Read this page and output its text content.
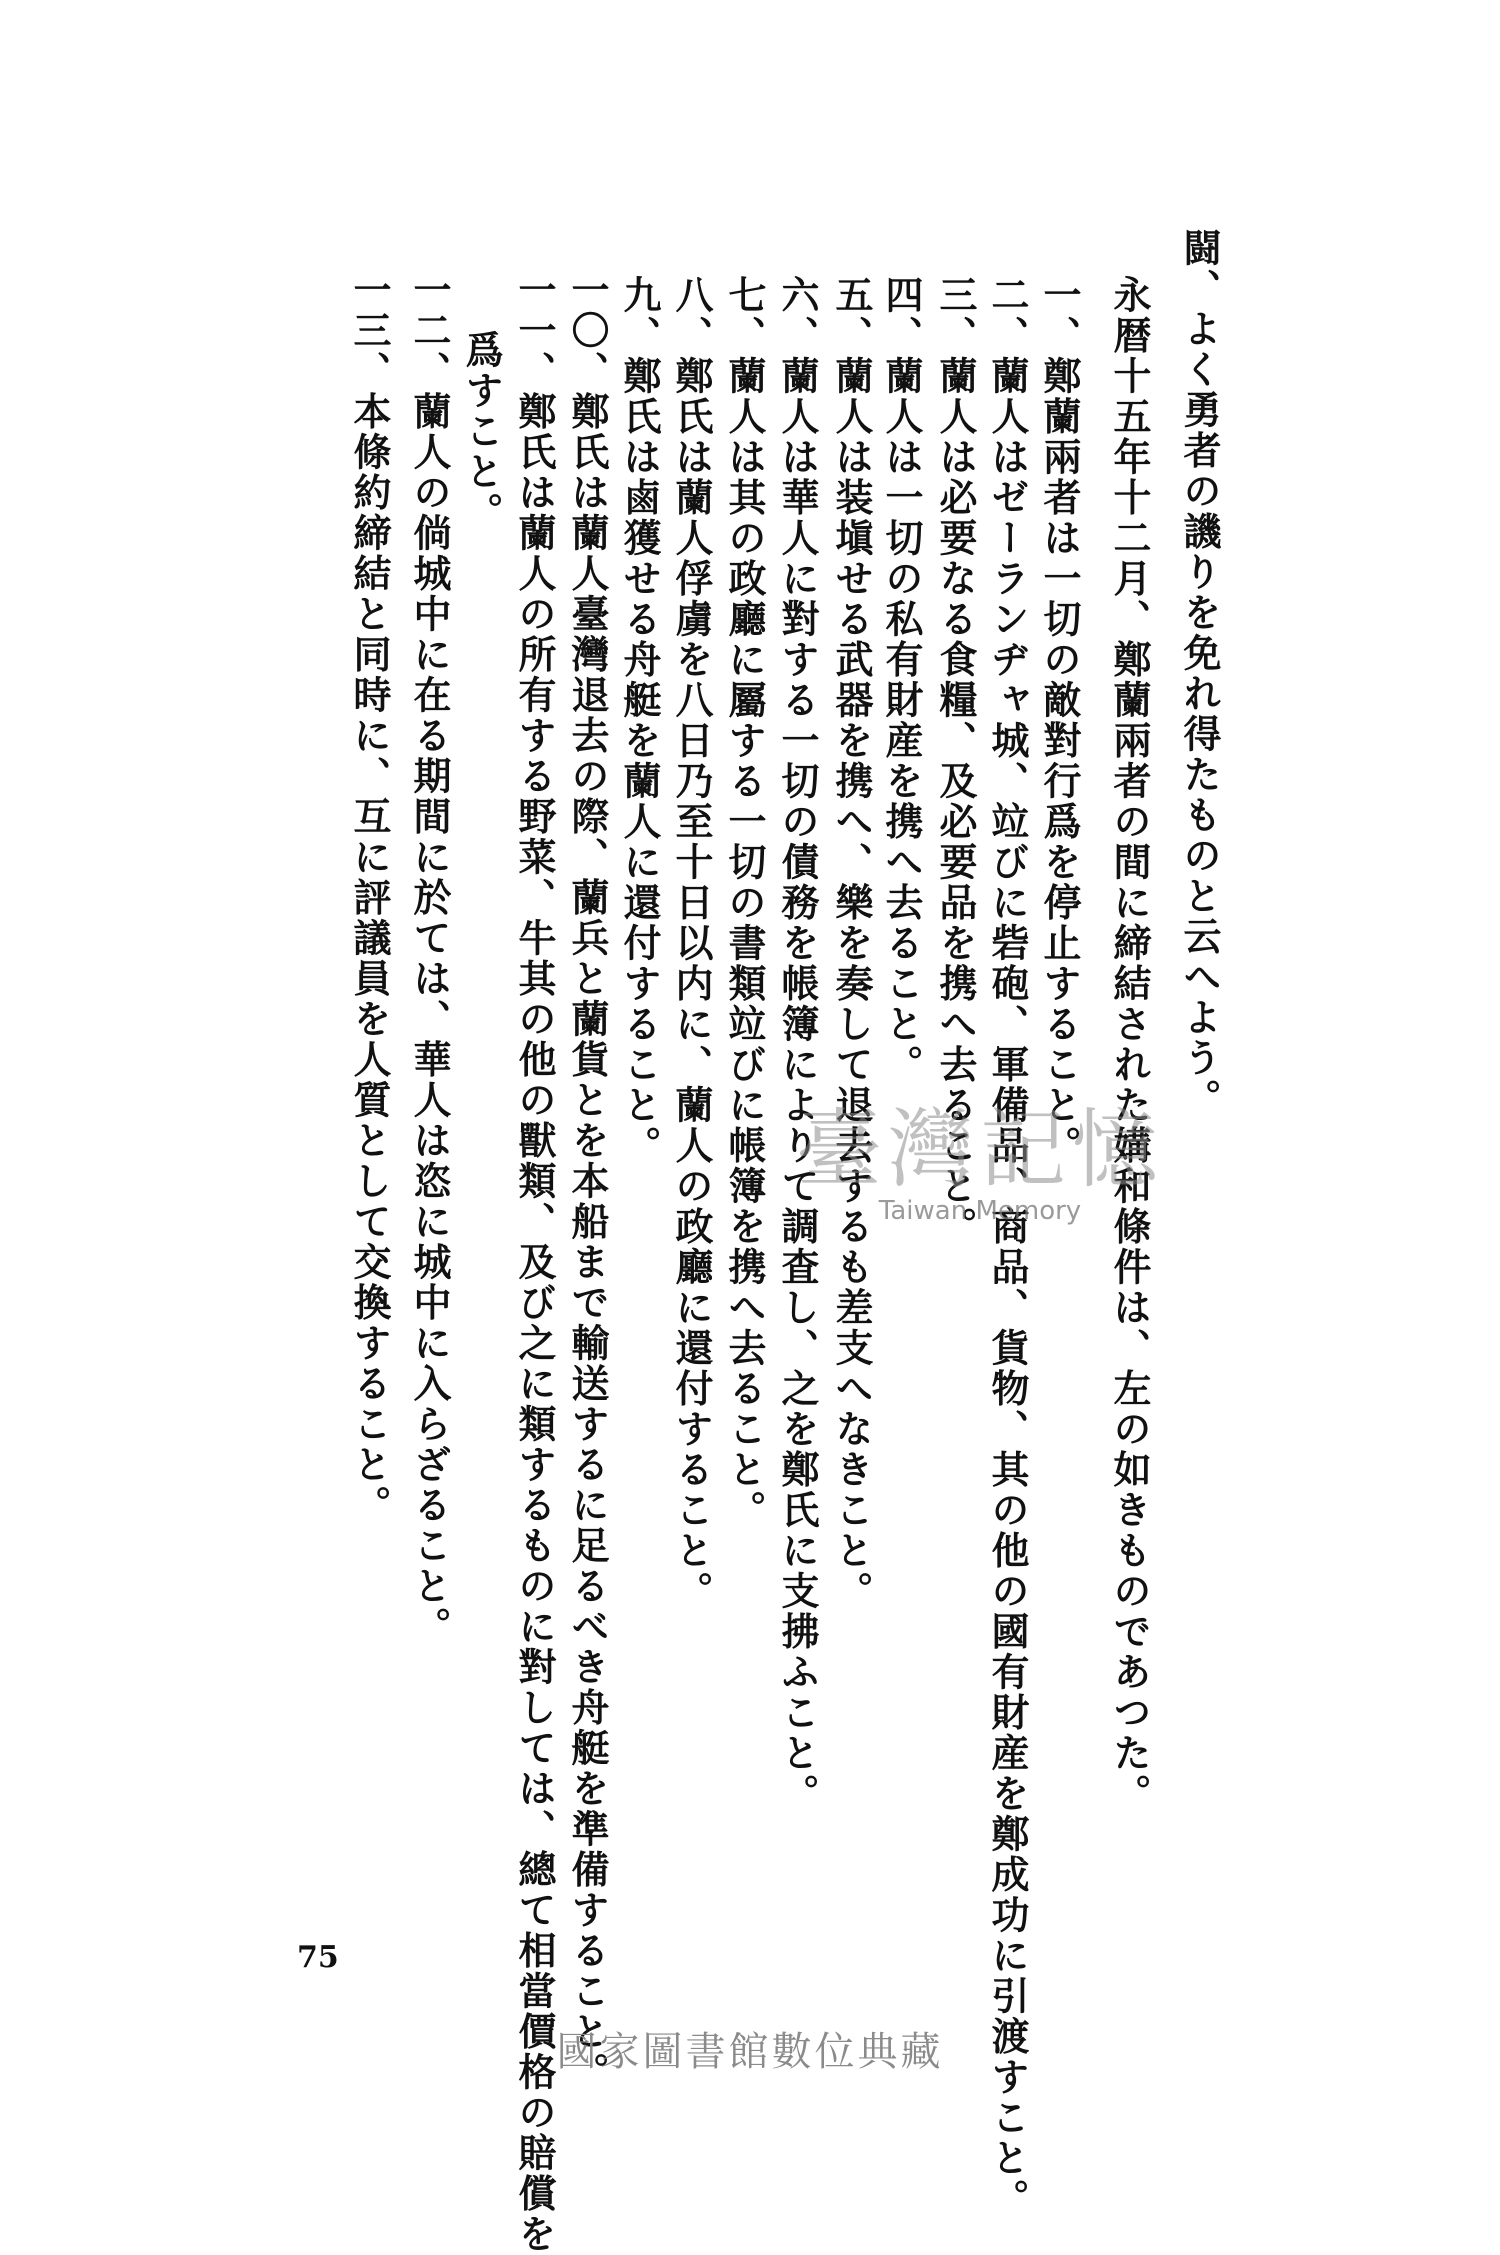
闘、よく勇者の譏りを免れ得たものと云へよう。
永暦十五年十二月、鄭蘭兩者の間に締結された媾和條件は、左の如きものであつた。
一、鄭蘭兩者は一切の敵對行爲を停止すること。
二、蘭人はゼーランヂャ城、竝びに砦砲、軍備品、商品、貨物、其の他の國有財産を鄭成功に引渡すこと。
三、蘭人は必要なる食糧、及必要品を携へ去ること。
四、蘭人は一切の私有財産を携へ去ること。
五、蘭人は装塡せる武器を携へ、樂を奏して退去するも差支へなきこと。
六、蘭人は華人に對する一切の債務を帳簿によりて調査し、之を鄭氏に支拂ふこと。
七、蘭人は其の政廳に屬する一切の書類竝びに帳簿を携へ去ること。
八、鄭氏は蘭人俘虜を八日乃至十日以内に、蘭人の政廳に還付すること。
九、鄭氏は鹵獲せる舟艇を蘭人に還付すること。
一〇、鄭氏は蘭人臺灣退去の際、蘭兵と蘭貨とを本船まで輸送するに足るべき舟艇を準備すること。
一一、鄭氏は蘭人の所有する野菜、牛其の他の獸類、及び之に類するものに對しては、總て相當價格の賠償を
爲すこと。
一二、蘭人の倘城中に在る期間に於ては、華人は恣に城中に入らざること。
一三、本條約締結と同時に、互に評議員を人質として交換すること。	臺灣記憶
Taiwan Memory
75
國家圖書館數位典藏
